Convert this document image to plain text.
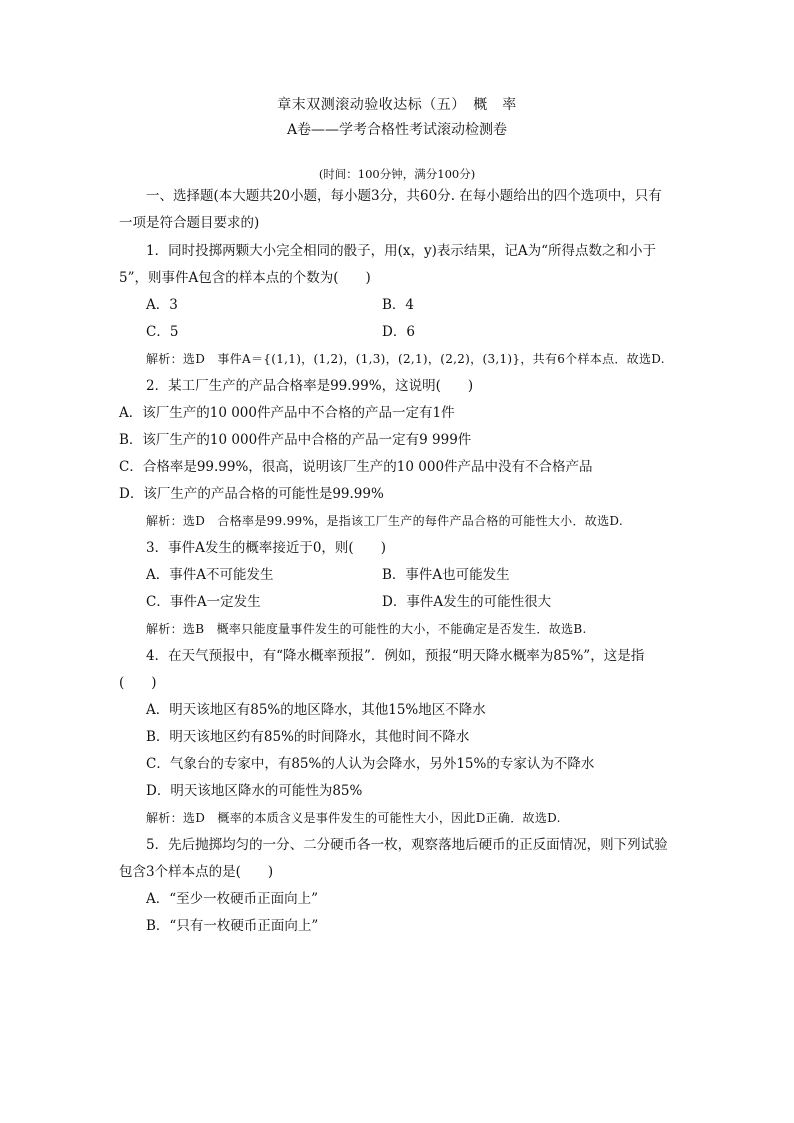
章末双测滚动验收达标（五）　概　率
A卷——学考合格性考试滚动检测卷
(时间：100分钟，满分100分)
一、选择题(本大题共20小题，每小题3分，共60分. 在每小题给出的四个选项中，只有一项是符合题目要求的)
1．同时投掷两颗大小完全相同的骰子，用(x，y)表示结果，记A为“所得点数之和小于5”，则事件A包含的样本点的个数为(　　)
A．3	B．4
C．5	D．6
解析：选D　事件A＝{(1,1)，(1,2)，(1,3)，(2,1)，(2,2)，(3,1)}，共有6个样本点．故选D.
2．某工厂生产的产品合格率是99.99%，这说明(　　)
A．该厂生产的10 000件产品中不合格的产品一定有1件
B．该厂生产的10 000件产品中合格的产品一定有9 999件
C．合格率是99.99%，很高，说明该厂生产的10 000件产品中没有不合格产品
D．该厂生产的产品合格的可能性是99.99%
解析：选D　合格率是99.99%，是指该工厂生产的每件产品合格的可能性大小．故选D.
3．事件A发生的概率接近于0，则(　　)
A．事件A不可能发生	B．事件A也可能发生
C．事件A一定发生	D．事件A发生的可能性很大
解析：选B　概率只能度量事件发生的可能性的大小，不能确定是否发生．故选B.
4．在天气预报中，有“降水概率预报”．例如，预报“明天降水概率为85%”，这是指(　　)
A．明天该地区有85%的地区降水，其他15%地区不降水
B．明天该地区约有85%的时间降水，其他时间不降水
C．气象台的专家中，有85%的人认为会降水，另外15%的专家认为不降水
D．明天该地区降水的可能性为85%
解析：选D　概率的本质含义是事件发生的可能性大小，因此D正确．故选D.
5．先后抛掷均匀的一分、二分硬币各一枚，观察落地后硬币的正反面情况，则下列试验包含3个样本点的是(　　)
A．“至少一枚硬币正面向上”
B．“只有一枚硬币正面向上”
